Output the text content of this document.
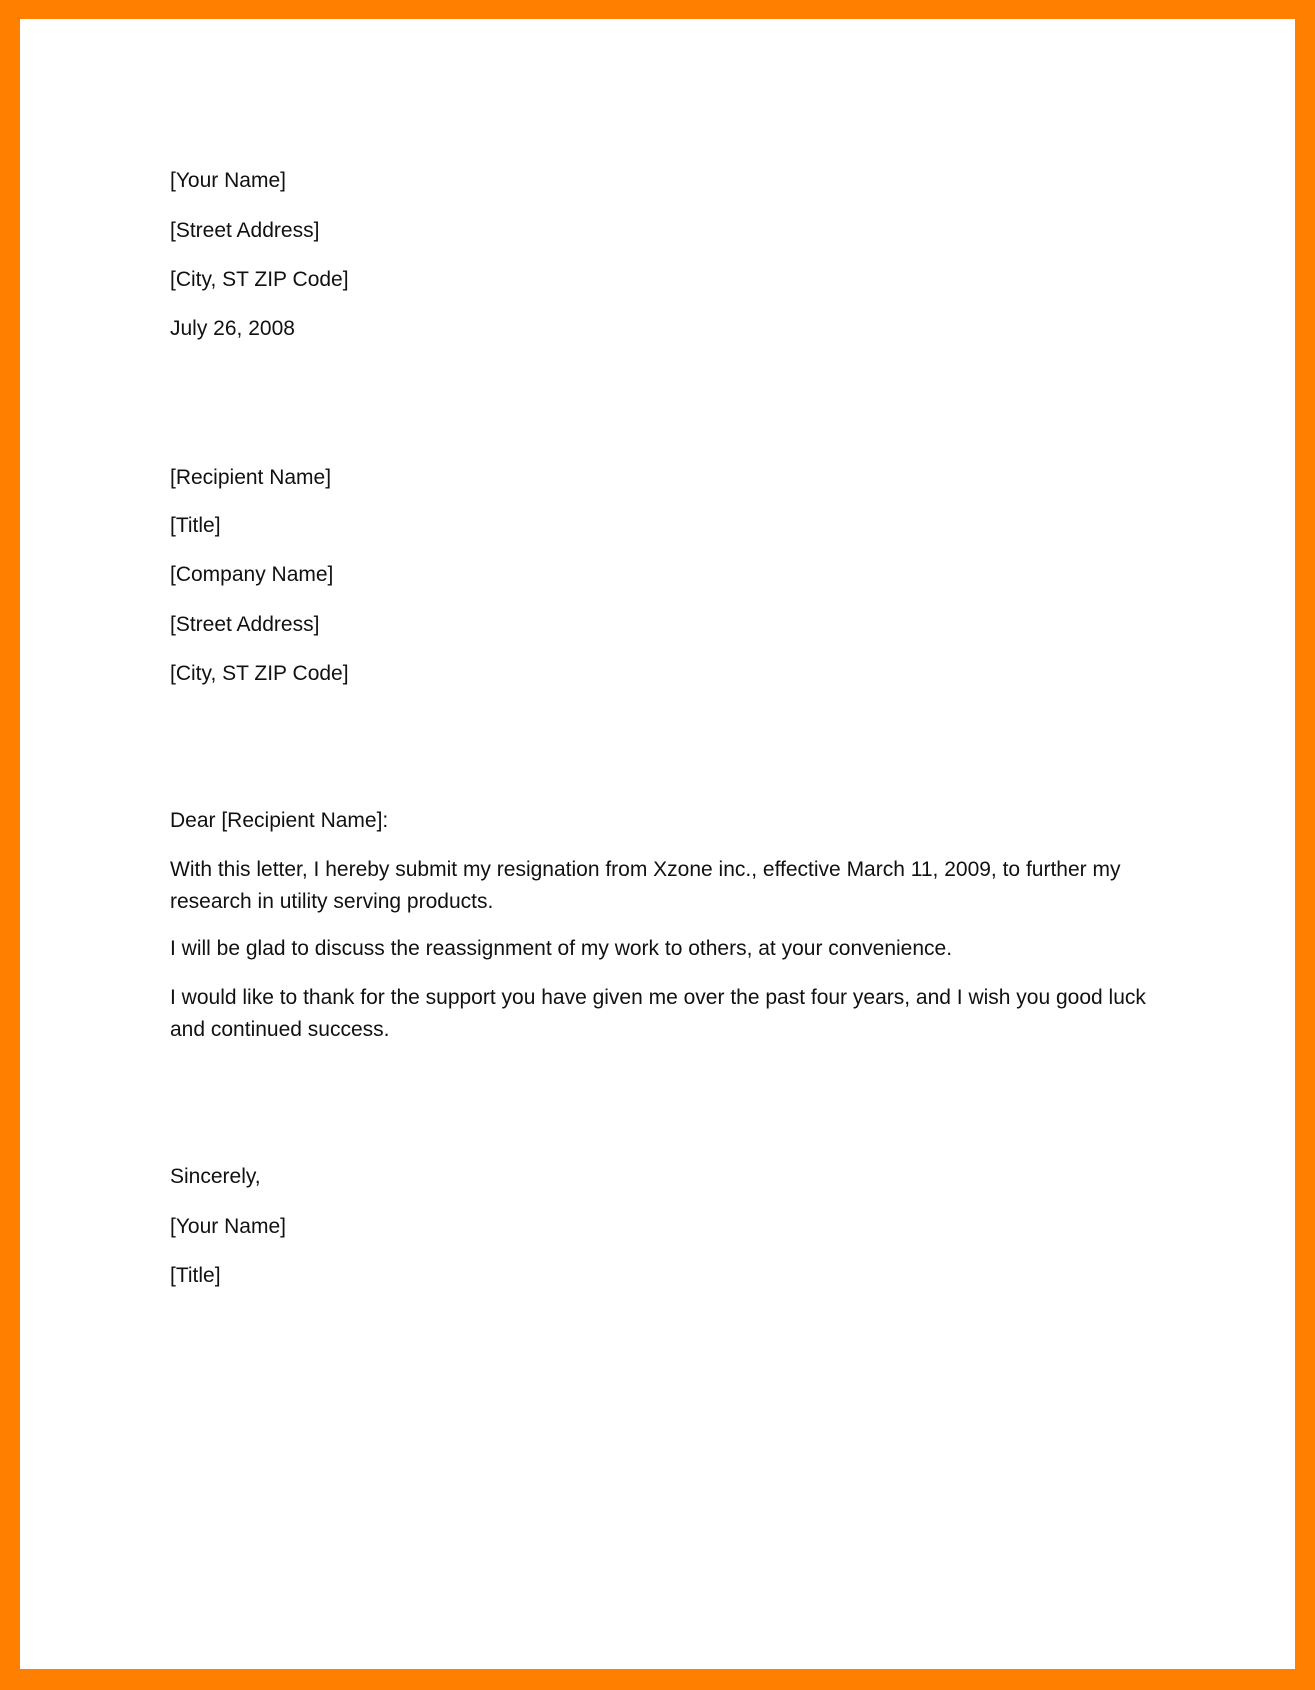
[Your Name]
[Street Address]
[City, ST ZIP Code]
July 26, 2008
[Recipient Name]
[Title]
[Company Name]
[Street Address]
[City, ST ZIP Code]
Dear [Recipient Name]:
With this letter, I hereby submit my resignation from Xzone inc., effective March 11, 2009, to further my research in utility serving products.
I will be glad to discuss the reassignment of my work to others, at your convenience.
I would like to thank for the support you have given me over the past four years, and I wish you good luck and continued success.
Sincerely,
[Your Name]
[Title]
